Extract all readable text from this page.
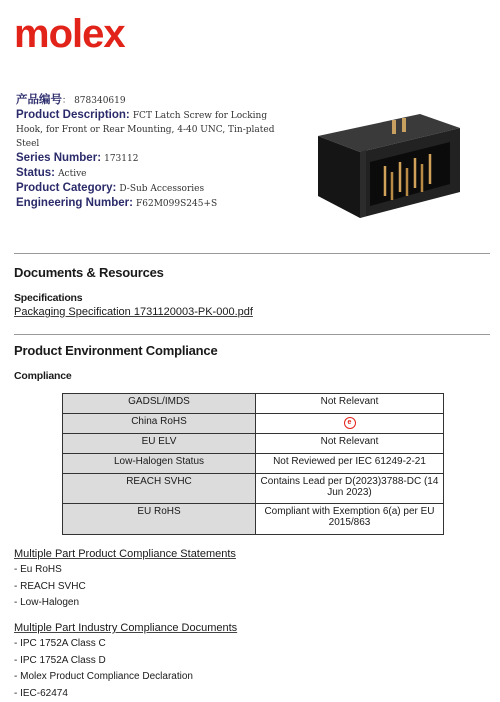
molex

产品编号： 878340619

Product Description: FCT Latch Screw for Locking Hook, for Front or Rear Mounting, 4-40 UNC, Tin-plated Steel

Series Number: 173112

Status: Active

Product Category: D-Sub Accessories

Engineering Number: F62M099S245+S

Documents & Resources
Specifications
Packaging Specification 1731120003-PK-000.pdf
Product Environment Compliance
Compliance
GADSL/IMDS	Not Relevant
China RoHS	e
EU ELV	Not Relevant
Low-Halogen Status	Not Reviewed per IEC 61249-2-21
REACH SVHC	Contains Lead per D(2023)3788-DC (14 Jun 2023)
EU RoHS	Compliant with Exemption 6(a) per EU 2015/863
Multiple Part Product Compliance Statements
- Eu RoHS
- REACH SVHC
- Low-Halogen
Multiple Part Industry Compliance Documents
- IPC 1752A Class C
- IPC 1752A Class D
- Molex Product Compliance Declaration
- IEC-62474
